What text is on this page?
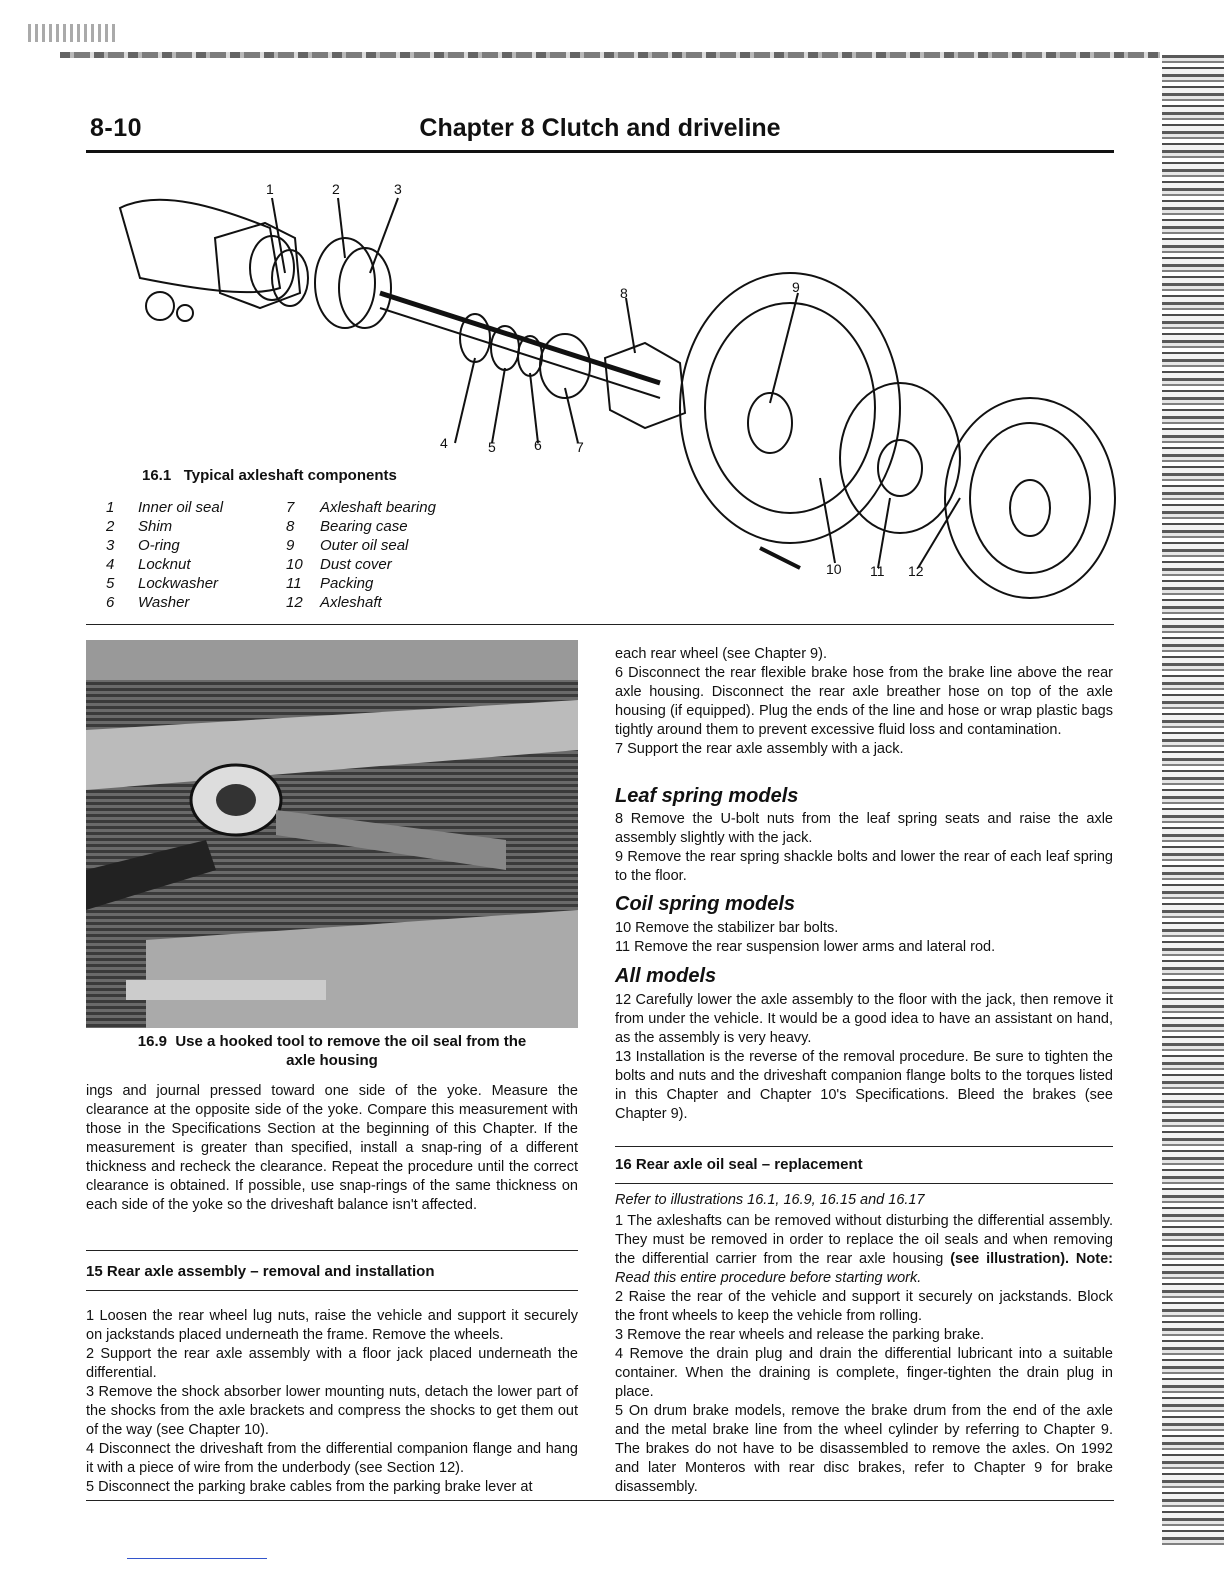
8-10	Chapter 8 Clutch and driveline
1	2	3
4	5	6 7
8	9
10 11 12
16.1 Typical axleshaft components
1	Inner oil seal
2	Shim
3	O-ring
4	Locknut
5	Lockwasher
6	Washer
7	Axleshaft bearing
8	Bearing case
9	Outer oil seal
10 Dust cover
11 Packing
12 Axleshaft
16.9 Use a hooked tool to remove the oil seal from the
axle housing

ings and journal pressed toward one side of the yoke. Measure the clearance at the opposite side of the yoke. Compare this measurement with those in the Specifications Section at the beginning of this Chapter. If the measurement is greater than specified, install a snap-ring of a different thickness and recheck the clearance. Repeat the procedure until the correct clearance is obtained. If possible, use snap-rings of the same thickness on each side of the yoke so the driveshaft balance isn't affected.

15 Rear axle assembly – removal and installation

1 Loosen the rear wheel lug nuts, raise the vehicle and support it securely on jackstands placed underneath the frame. Remove the wheels.

2 Support the rear axle assembly with a floor jack placed underneath the differential.

3 Remove the shock absorber lower mounting nuts, detach the lower part of the shocks from the axle brackets and compress the shocks to get them out of the way (see Chapter 10).

4 Disconnect the driveshaft from the differential companion flange and hang it with a piece of wire from the underbody (see Section 12).

5 Disconnect the parking brake cables from the parking brake lever at

each rear wheel (see Chapter 9).

6 Disconnect the rear flexible brake hose from the brake line above the rear axle housing. Disconnect the rear axle breather hose on top of the axle housing (if equipped). Plug the ends of the line and hose or wrap plastic bags tightly around them to prevent excessive fluid loss and contamination.

7 Support the rear axle assembly with a jack.

Leaf spring models

8 Remove the U-bolt nuts from the leaf spring seats and raise the axle assembly slightly with the jack.

9 Remove the rear spring shackle bolts and lower the rear of each leaf spring to the floor.

Coil spring models

10 Remove the stabilizer bar bolts.

11 Remove the rear suspension lower arms and lateral rod.

All models

12 Carefully lower the axle assembly to the floor with the jack, then remove it from under the vehicle. It would be a good idea to have an assistant on hand, as the assembly is very heavy.

13 Installation is the reverse of the removal procedure. Be sure to tighten the bolts and nuts and the driveshaft companion flange bolts to the torques listed in this Chapter and Chapter 10's Specifications. Bleed the brakes (see Chapter 9).

16 Rear axle oil seal – replacement
Refer to illustrations 16.1, 16.9, 16.15 and 16.17

1 The axleshafts can be removed without disturbing the differential assembly. They must be removed in order to replace the oil seals and when removing the differential carrier from the rear axle housing (see illustration). Note: Read this entire procedure before starting work.

2 Raise the rear of the vehicle and support it securely on jackstands. Block the front wheels to keep the vehicle from rolling.

3 Remove the rear wheels and release the parking brake.

4 Remove the drain plug and drain the differential lubricant into a suitable container. When the draining is complete, finger-tighten the drain plug in place.

5 On drum brake models, remove the brake drum from the end of the axle and the metal brake line from the wheel cylinder by referring to Chapter 9. The brakes do not have to be disassembled to remove the axles. On 1992 and later Monteros with rear disc brakes, refer to Chapter 9 for brake disassembly.
